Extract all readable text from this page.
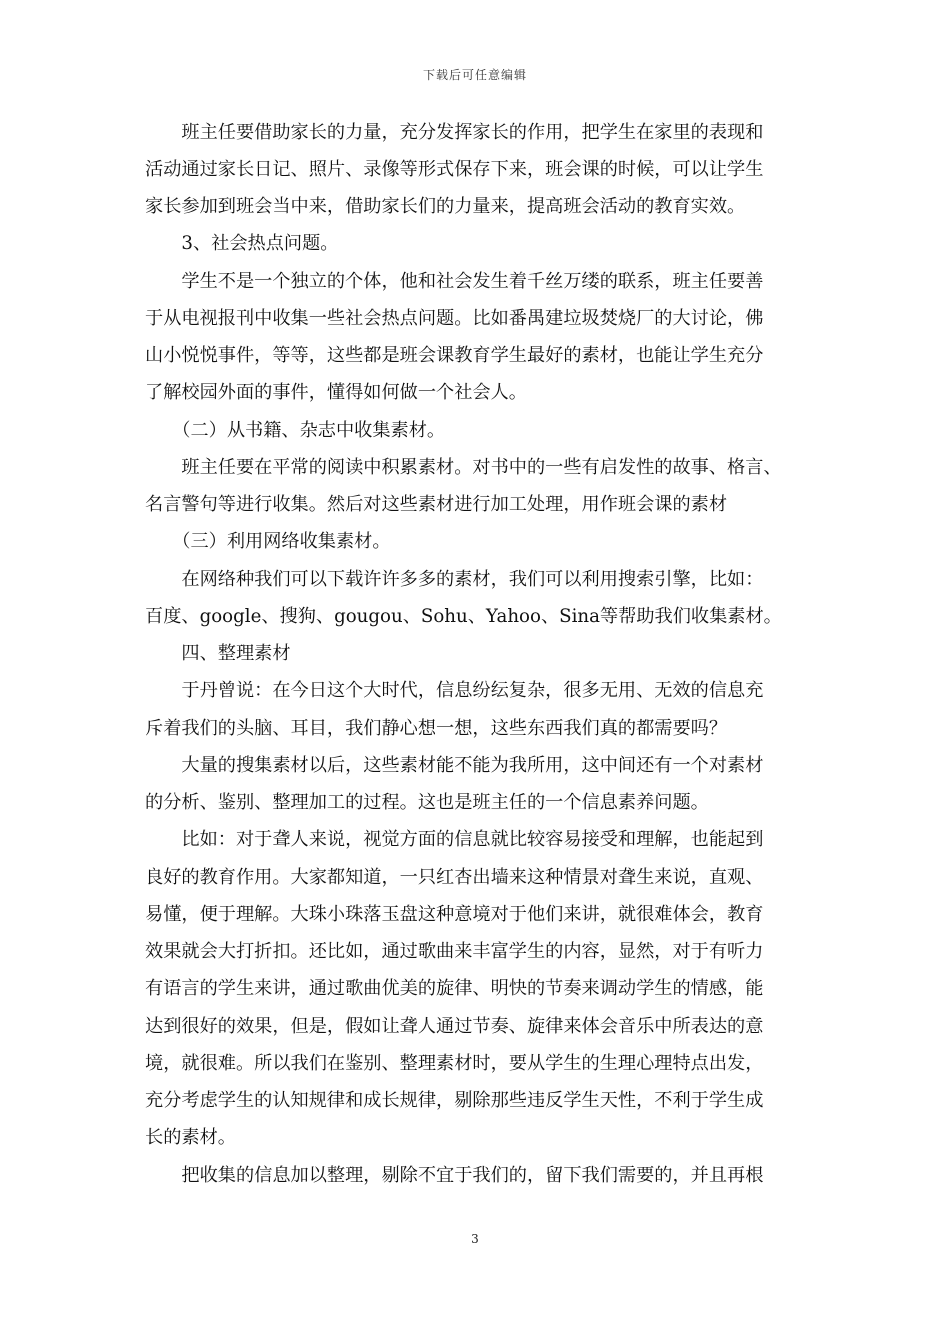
下载后可任意编辑
　　班主任要借助家长的力量，充分发挥家长的作用，把学生在家里的表现和
活动通过家长日记、照片、录像等形式保存下来，班会课的时候，可以让学生
家长参加到班会当中来，借助家长们的力量来，提高班会活动的教育实效。
　　3、社会热点问题。
　　学生不是一个独立的个体，他和社会发生着千丝万缕的联系，班主任要善
于从电视报刊中收集一些社会热点问题。比如番禺建垃圾焚烧厂的大讨论，佛
山小悦悦事件，等等，这些都是班会课教育学生最好的素材，也能让学生充分
了解校园外面的事件，懂得如何做一个社会人。
　　（二）从书籍、杂志中收集素材。
　　班主任要在平常的阅读中积累素材。对书中的一些有启发性的故事、格言、
名言警句等进行收集。然后对这些素材进行加工处理，用作班会课的素材
　　（三）利用网络收集素材。
　　在网络种我们可以下载许许多多的素材，我们可以利用搜索引擎，比如：
百度、google、搜狗、gougou、Sohu、Yahoo、Sina等帮助我们收集素材。
　　四、整理素材
　　于丹曾说：在今日这个大时代，信息纷纭复杂，很多无用、无效的信息充
斥着我们的头脑、耳目，我们静心想一想，这些东西我们真的都需要吗？
　　大量的搜集素材以后，这些素材能不能为我所用，这中间还有一个对素材
的分析、鉴别、整理加工的过程。这也是班主任的一个信息素养问题。
　　比如：对于聋人来说，视觉方面的信息就比较容易接受和理解，也能起到
良好的教育作用。大家都知道，一只红杏出墙来这种情景对聋生来说，直观、
易懂，便于理解。大珠小珠落玉盘这种意境对于他们来讲，就很难体会，教育
效果就会大打折扣。还比如，通过歌曲来丰富学生的内容，显然，对于有听力
有语言的学生来讲，通过歌曲优美的旋律、明快的节奏来调动学生的情感，能
达到很好的效果，但是，假如让聋人通过节奏、旋律来体会音乐中所表达的意
境，就很难。所以我们在鉴别、整理素材时，要从学生的生理心理特点出发，
充分考虑学生的认知规律和成长规律，剔除那些违反学生天性，不利于学生成
长的素材。
　　把收集的信息加以整理，剔除不宜于我们的，留下我们需要的，并且再根
3
